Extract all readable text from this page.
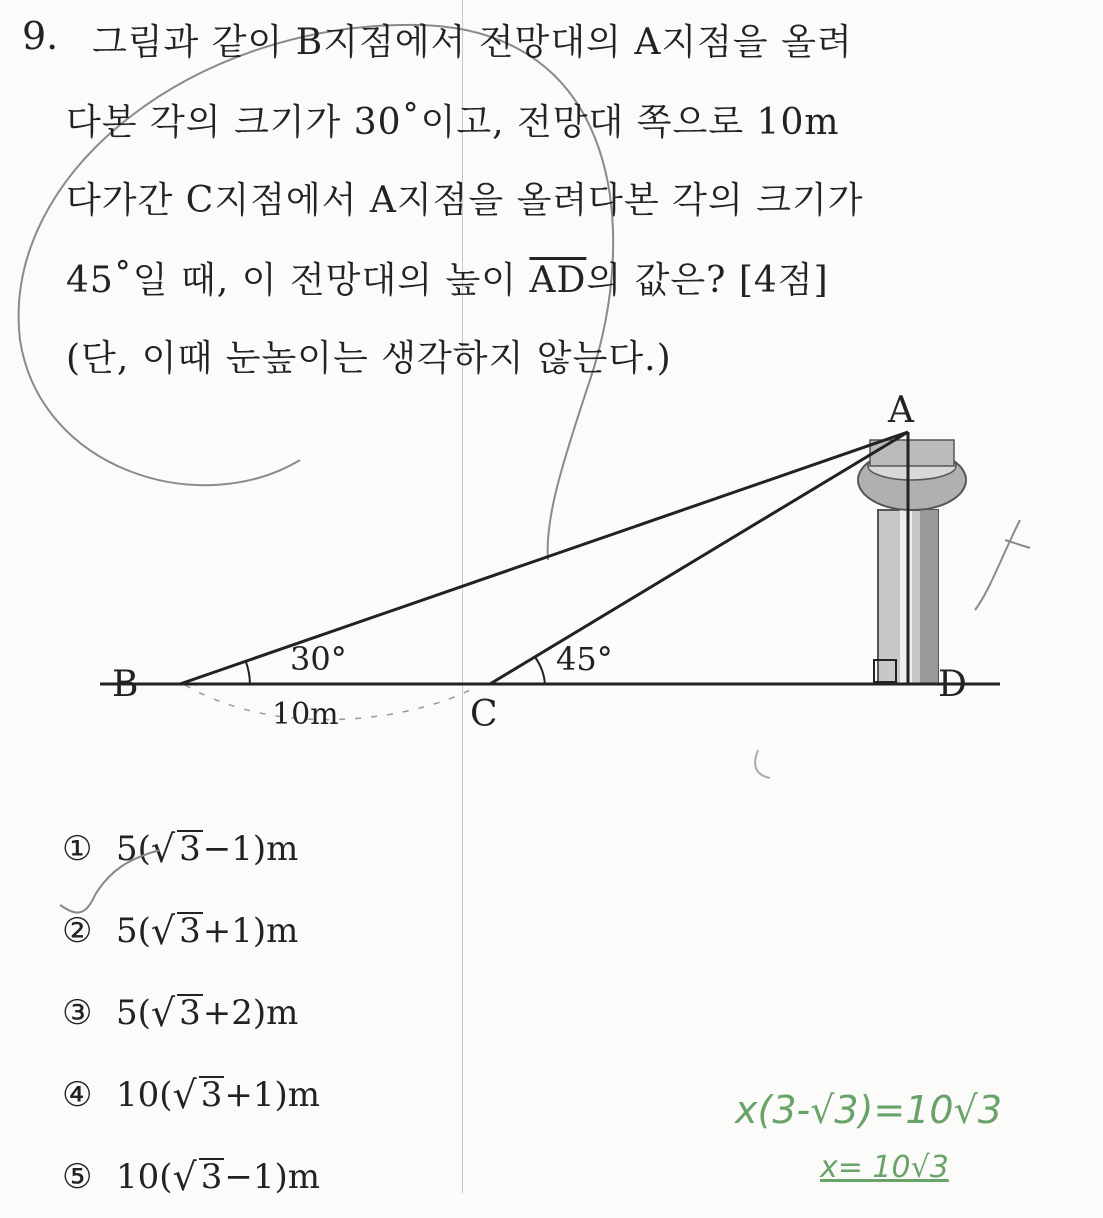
9. 그림과 같이 B지점에서 전망대의 A지점을 올려
다본 각의 크기가 30˚이고, 전망대 쪽으로 10m
다가간 C지점에서 A지점을 올려다본 각의 크기가
45˚일 때, 이 전망대의 높이 $\overline{AD}$의 값은? [4점]
(단, 이때 눈높이는 생각하지 않는다.)
A
B
C
D
30°	45°
10m
① 5( √ 3 −1)m
② 5( √ 3 +1)m
③ 5( √ 3 +2)m
④ 10( √ 3 +1)m
⑤ 10( √ 3 −1)m
x(3-√3)=10√3
x= 10√3
